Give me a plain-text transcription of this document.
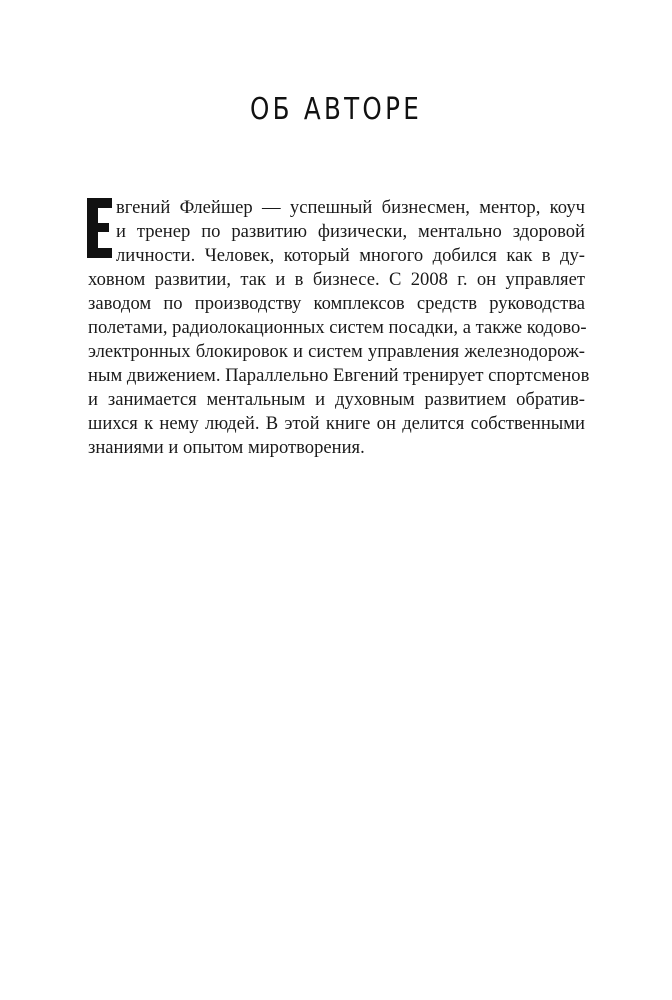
ОБ АВТОРЕ
вгений Флейшер — успешный бизнесмен, ментор, коуч
и тренер по развитию физически, ментально здоровой
личности. Человек, который многого добился как в ду-
ховном развитии, так и в бизнесе. С 2008 г. он управляет
заводом по производству комплексов средств руководства
полетами, радиолокационных систем посадки, а также кодово-
электронных блокировок и систем управления железнодорож-
ным движением. Параллельно Евгений тренирует спортсменов
и занимается ментальным и духовным развитием обратив-
шихся к нему людей. В этой книге он делится собственными
знаниями и опытом миротворения.
